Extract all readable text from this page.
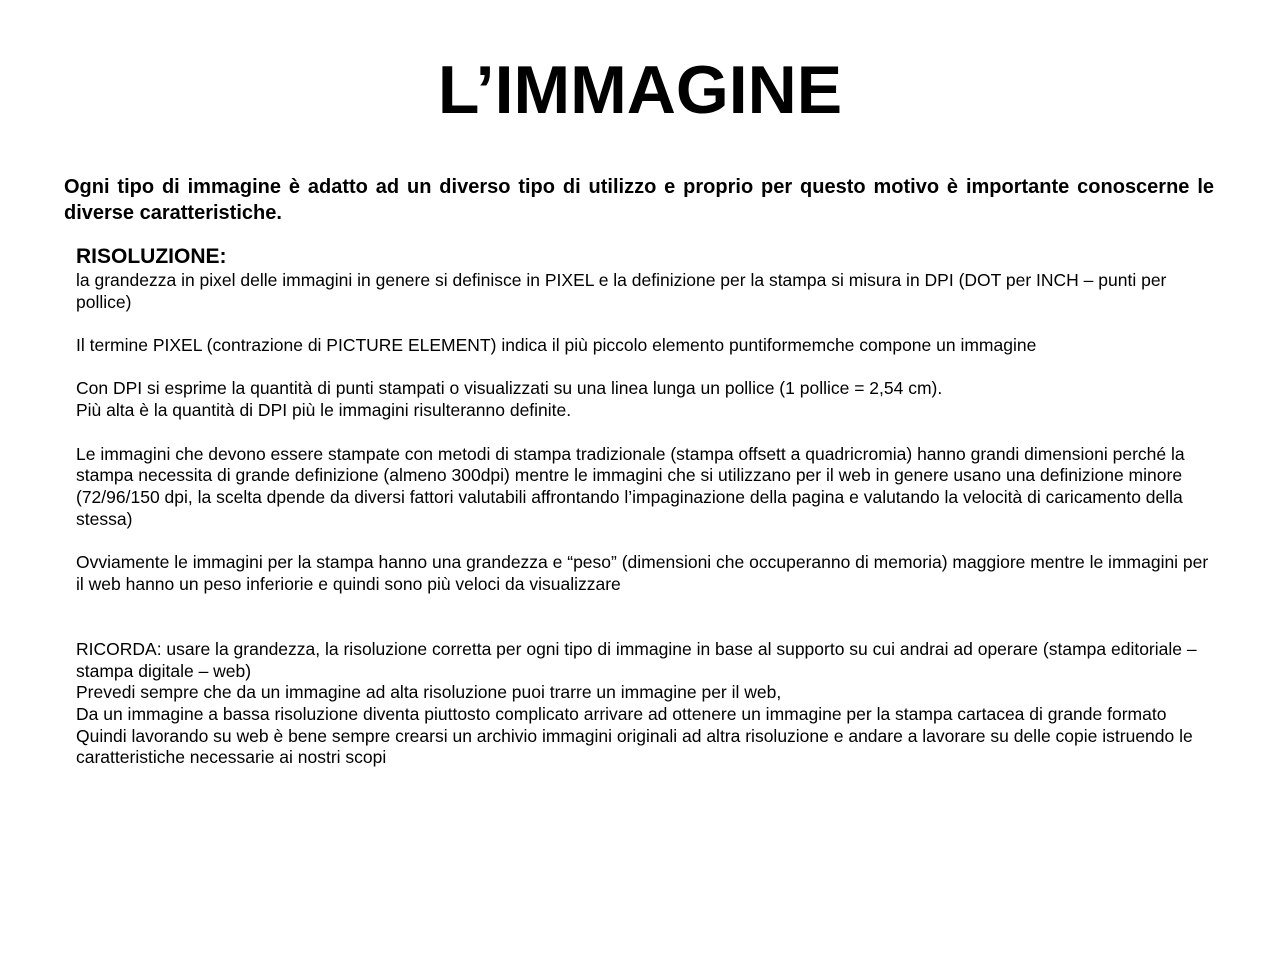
L’IMMAGINE

Ogni tipo di immagine è adatto ad un diverso tipo di utilizzo e proprio per questo motivo è importante conoscerne le diverse caratteristiche.

RISOLUZIONE:

la grandezza in pixel delle immagini in genere si definisce in PIXEL e la definizione per la stampa si misura in DPI (DOT per INCH – punti per pollice)

Il termine PIXEL (contrazione di PICTURE ELEMENT) indica il più piccolo elemento puntiformemche compone un immagine

Con DPI si esprime la quantità di punti stampati o visualizzati su una linea lunga un pollice (1 pollice = 2,54 cm).

Più alta è la quantità di DPI più le immagini risulteranno definite.

Le immagini che devono essere stampate con metodi di stampa tradizionale (stampa offsett a quadricromia) hanno grandi dimensioni perché la stampa necessita di grande definizione (almeno 300dpi) mentre le immagini che si utilizzano per il web in genere usano una definizione minore (72/96/150 dpi, la scelta dpende da diversi fattori valutabili affrontando l’impaginazione della pagina e valutando la velocità di caricamento della stessa)

Ovviamente le immagini per la stampa hanno una grandezza e “peso” (dimensioni che occuperanno di memoria) maggiore mentre le immagini per il web hanno un peso inferiorie e quindi sono più veloci da visualizzare

RICORDA: usare la grandezza, la risoluzione corretta per ogni tipo di immagine in base al supporto su cui andrai ad operare (stampa editoriale – stampa digitale – web)

Prevedi sempre che da un immagine ad alta risoluzione puoi trarre un immagine per il web,

Da un immagine a bassa risoluzione diventa piuttosto complicato arrivare ad ottenere un immagine per la stampa cartacea di grande formato

Quindi lavorando su web è bene sempre crearsi un archivio immagini originali ad altra risoluzione e andare a lavorare su delle copie istruendo le caratteristiche necessarie ai nostri scopi
